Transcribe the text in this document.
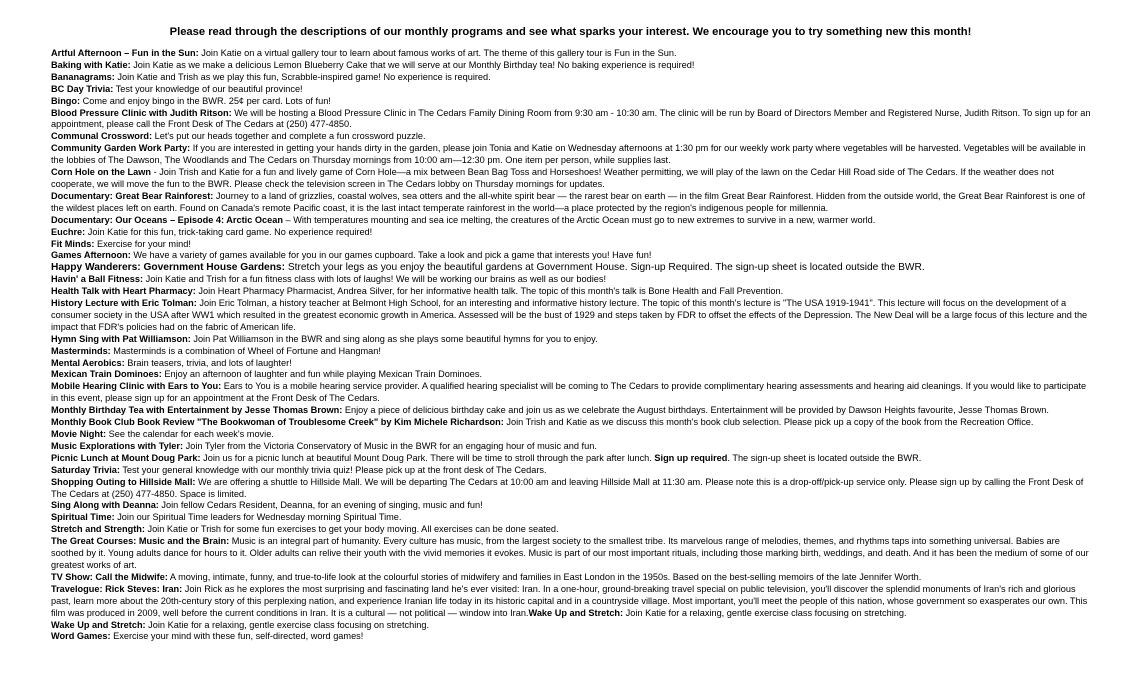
Please read through the descriptions of our monthly programs and see what sparks your interest. We encourage you to try something new this month!
Artful Afternoon – Fun in the Sun: Join Katie on a virtual gallery tour to learn about famous works of art. The theme of this gallery tour is Fun in the Sun.
Baking with Katie: Join Katie as we make a delicious Lemon Blueberry Cake that we will serve at our Monthly Birthday tea! No baking experience is required!
Bananagrams: Join Katie and Trish as we play this fun, Scrabble-inspired game! No experience is required.
BC Day Trivia: Test your knowledge of our beautiful province!
Bingo: Come and enjoy bingo in the BWR. 25¢ per card. Lots of fun!
Blood Pressure Clinic with Judith Ritson: We will be hosting a Blood Pressure Clinic in The Cedars Family Dining Room from 9:30 am - 10:30 am. The clinic will be run by Board of Directors Member and Registered Nurse, Judith Ritson. To sign up for an appointment, please call the Front Desk of The Cedars at (250) 477-4850.
Communal Crossword: Let's put our heads together and complete a fun crossword puzzle.
Community Garden Work Party: If you are interested in getting your hands dirty in the garden, please join Tonia and Katie on Wednesday afternoons at 1:30 pm for our weekly work party where vegetables will be harvested. Vegetables will be available in the lobbies of The Dawson, The Woodlands and The Cedars on Thursday mornings from 10:00 am—12:30 pm. One item per person, while supplies last.
Corn Hole on the Lawn - Join Trish and Katie for a fun and lively game of Corn Hole—a mix between Bean Bag Toss and Horseshoes! Weather permitting, we will play of the lawn on the Cedar Hill Road side of The Cedars. If the weather does not cooperate, we will move the fun to the BWR. Please check the television screen in The Cedars lobby on Thursday mornings for updates.
Documentary: Great Bear Rainforest: Journey to a land of grizzlies, coastal wolves, sea otters and the all-white spirit bear — the rarest bear on earth — in the film Great Bear Rainforest. Hidden from the outside world, the Great Bear Rainforest is one of the wildest places left on earth. Found on Canada's remote Pacific coast, it is the last intact temperate rainforest in the world—a place protected by the region's indigenous people for millennia.
Documentary: Our Oceans – Episode 4: Arctic Ocean – With temperatures mounting and sea ice melting, the creatures of the Arctic Ocean must go to new extremes to survive in a new, warmer world.
Euchre: Join Katie for this fun, trick-taking card game. No experience required!
Fit Minds: Exercise for your mind!
Games Afternoon: We have a variety of games available for you in our games cupboard. Take a look and pick a game that interests you! Have fun!
Happy Wanderers: Government House Gardens: Stretch your legs as you enjoy the beautiful gardens at Government House. Sign-up Required. The sign-up sheet is located outside the BWR.
Havin' a Ball Fitness: Join Katie and Trish for a fun fitness class with lots of laughs! We will be working our brains as well as our bodies!
Health Talk with Heart Pharmacy: Join Heart Pharmacy Pharmacist, Andrea Silver, for her informative health talk. The topic of this month's talk is Bone Health and Fall Prevention.
History Lecture with Eric Tolman: Join Eric Tolman, a history teacher at Belmont High School, for an interesting and informative history lecture. The topic of this month's lecture is "The USA 1919-1941". This lecture will focus on the development of a consumer society in the USA after WW1 which resulted in the greatest economic growth in America. Assessed will be the bust of 1929 and steps taken by FDR to offset the effects of the Depression. The New Deal will be a large focus of this lecture and the impact that FDR's policies had on the fabric of American life.
Hymn Sing with Pat Williamson: Join Pat Williamson in the BWR and sing along as she plays some beautiful hymns for you to enjoy.
Masterminds: Masterminds is a combination of Wheel of Fortune and Hangman!
Mental Aerobics: Brain teasers, trivia, and lots of laughter!
Mexican Train Dominoes: Enjoy an afternoon of laughter and fun while playing Mexican Train Dominoes.
Mobile Hearing Clinic with Ears to You: Ears to You is a mobile hearing service provider. A qualified hearing specialist will be coming to The Cedars to provide complimentary hearing assessments and hearing aid cleanings. If you would like to participate in this event, please sign up for an appointment at the Front Desk of The Cedars.
Monthly Birthday Tea with Entertainment by Jesse Thomas Brown: Enjoy a piece of delicious birthday cake and join us as we celebrate the August birthdays. Entertainment will be provided by Dawson Heights favourite, Jesse Thomas Brown.
Monthly Book Club Book Review "The Bookwoman of Troublesome Creek" by Kim Michele Richardson: Join Trish and Katie as we discuss this month's book club selection. Please pick up a copy of the book from the Recreation Office.
Movie Night: See the calendar for each week's movie.
Music Explorations with Tyler: Join Tyler from the Victoria Conservatory of Music in the BWR for an engaging hour of music and fun.
Picnic Lunch at Mount Doug Park: Join us for a picnic lunch at beautiful Mount Doug Park. There will be time to stroll through the park after lunch. Sign up required. The sign-up sheet is located outside the BWR.
Saturday Trivia: Test your general knowledge with our monthly trivia quiz! Please pick up at the front desk of The Cedars.
Shopping Outing to Hillside Mall: We are offering a shuttle to Hillside Mall. We will be departing The Cedars at 10:00 am and leaving Hillside Mall at 11:30 am. Please note this is a drop-off/pick-up service only. Please sign up by calling the Front Desk of The Cedars at (250) 477-4850. Space is limited.
Sing Along with Deanna: Join fellow Cedars Resident, Deanna, for an evening of singing, music and fun!
Spiritual Time: Join our Spiritual Time leaders for Wednesday morning Spiritual Time.
Stretch and Strength: Join Katie or Trish for some fun exercises to get your body moving. All exercises can be done seated.
The Great Courses: Music and the Brain: Music is an integral part of humanity. Every culture has music, from the largest society to the smallest tribe. Its marvelous range of melodies, themes, and rhythms taps into something universal. Babies are soothed by it. Young adults dance for hours to it. Older adults can relive their youth with the vivid memories it evokes. Music is part of our most important rituals, including those marking birth, weddings, and death. And it has been the medium of some of our greatest works of art.
TV Show: Call the Midwife: A moving, intimate, funny, and true-to-life look at the colourful stories of midwifery and families in East London in the 1950s. Based on the best-selling memoirs of the late Jennifer Worth.
Travelogue: Rick Steves: Iran: Join Rick as he explores the most surprising and fascinating land he's ever visited: Iran. In a one-hour, ground-breaking travel special on public television, you'll discover the splendid monuments of Iran's rich and glorious past, learn more about the 20th-century story of this perplexing nation, and experience Iranian life today in its historic capital and in a countryside village. Most important, you'll meet the people of this nation, whose government so exasperates our own. This film was produced in 2009, well before the current conditions in Iran. It is a cultural — not political — window into Iran.Wake Up and Stretch: Join Katie for a relaxing, gentle exercise class focusing on stretching.
Wake Up and Stretch: Join Katie for a relaxing, gentle exercise class focusing on stretching.
Word Games: Exercise your mind with these fun, self-directed, word games!
